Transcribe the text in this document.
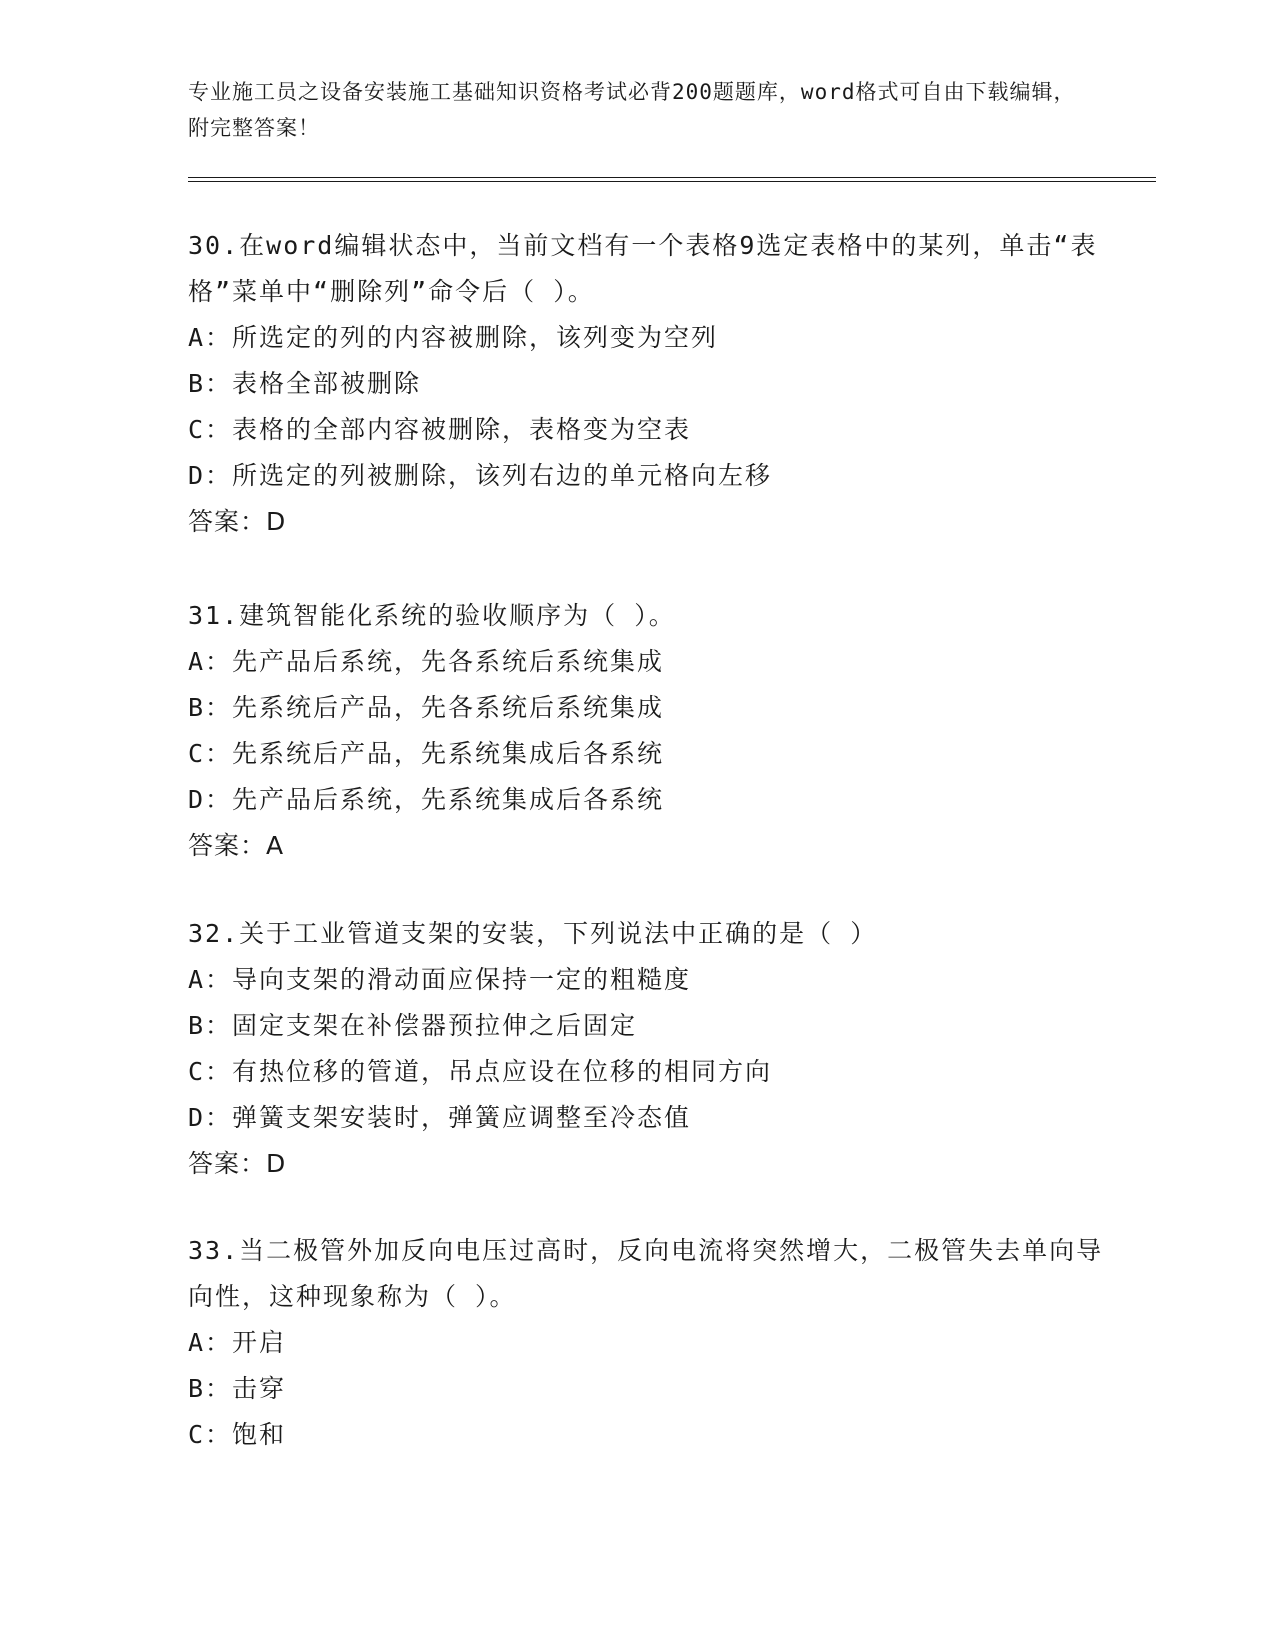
专业施工员之设备安装施工基础知识资格考试必背200题题库，word格式可自由下载编辑，附完整答案！

30.在word编辑状态中，当前文档有一个表格9选定表格中的某列，单击“表格”菜单中“删除列”命令后（ ）。

A：所选定的列的内容被删除，该列变为空列

B：表格全部被删除

C：表格的全部内容被删除，表格变为空表

D：所选定的列被删除，该列右边的单元格向左移

答案：D

31.建筑智能化系统的验收顺序为（ ）。

A：先产品后系统，先各系统后系统集成

B：先系统后产品，先各系统后系统集成

C：先系统后产品，先系统集成后各系统

D：先产品后系统，先系统集成后各系统

答案：A

32.关于工业管道支架的安装，下列说法中正确的是（ ）

A：导向支架的滑动面应保持一定的粗糙度

B：固定支架在补偿器预拉伸之后固定

C：有热位移的管道，吊点应设在位移的相同方向

D：弹簧支架安装时，弹簧应调整至冷态值

答案：D

33.当二极管外加反向电压过高时，反向电流将突然增大，二极管失去单向导向性，这种现象称为（ ）。

A：开启

B：击穿

C：饱和
